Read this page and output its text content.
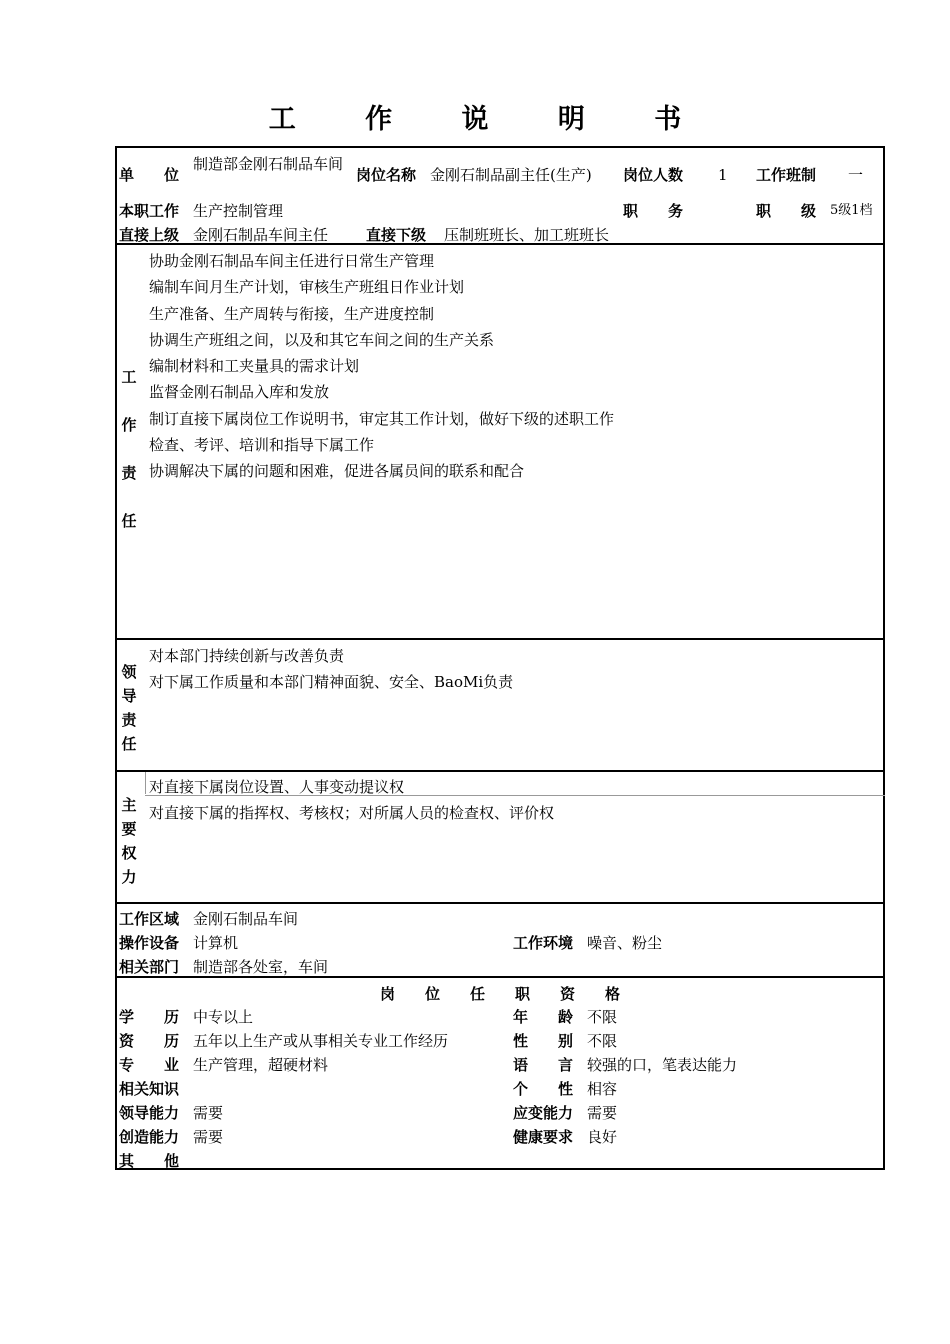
工 作 说 明 书
单　　位
制造部金刚石制品车间
岗位名称 金刚石制品副主任(生产) 岗位人数 1 工作班制 一
本职工作 生产控制管理	职　　务	职　　级 5级1档
直接上级 金刚石制品车间主任	直接下级 压制班班长、加工班班长
工
作
责
任
协助金刚石制品车间主任进行日常生产管理
编制车间月生产计划，审核生产班组日作业计划
生产准备、生产周转与衔接，生产进度控制
协调生产班组之间，以及和其它车间之间的生产关系
编制材料和工夹量具的需求计划
监督金刚石制品入库和发放
制订直接下属岗位工作说明书，审定其工作计划，做好下级的述职工作
检查、考评、培训和指导下属工作
协调解决下属的问题和困难，促进各属员间的联系和配合
领
导
责
任
对本部门持续创新与改善负责
对下属工作质量和本部门精神面貌、安全、BaoMi负责
主
要
权
力
对直接下属岗位设置、人事变动提议权
对直接下属的指挥权、考核权；对所属人员的检查权、评价权
工作区域 金刚石制品车间
操作设备 计算机	工作环境 噪音、粉尘
相关部门 制造部各处室，车间
岗　　位　　任　　职　　资　　格
学　　历 中专以上	年　　龄 不限
资　　历 五年以上生产或从事相关专业工作经历	性　　别 不限
专　　业 生产管理，超硬材料	语　　言 较强的口，笔表达能力
相关知识	个　　性 相容
领导能力 需要	应变能力 需要
创造能力 需要	健康要求 良好
其　　他
